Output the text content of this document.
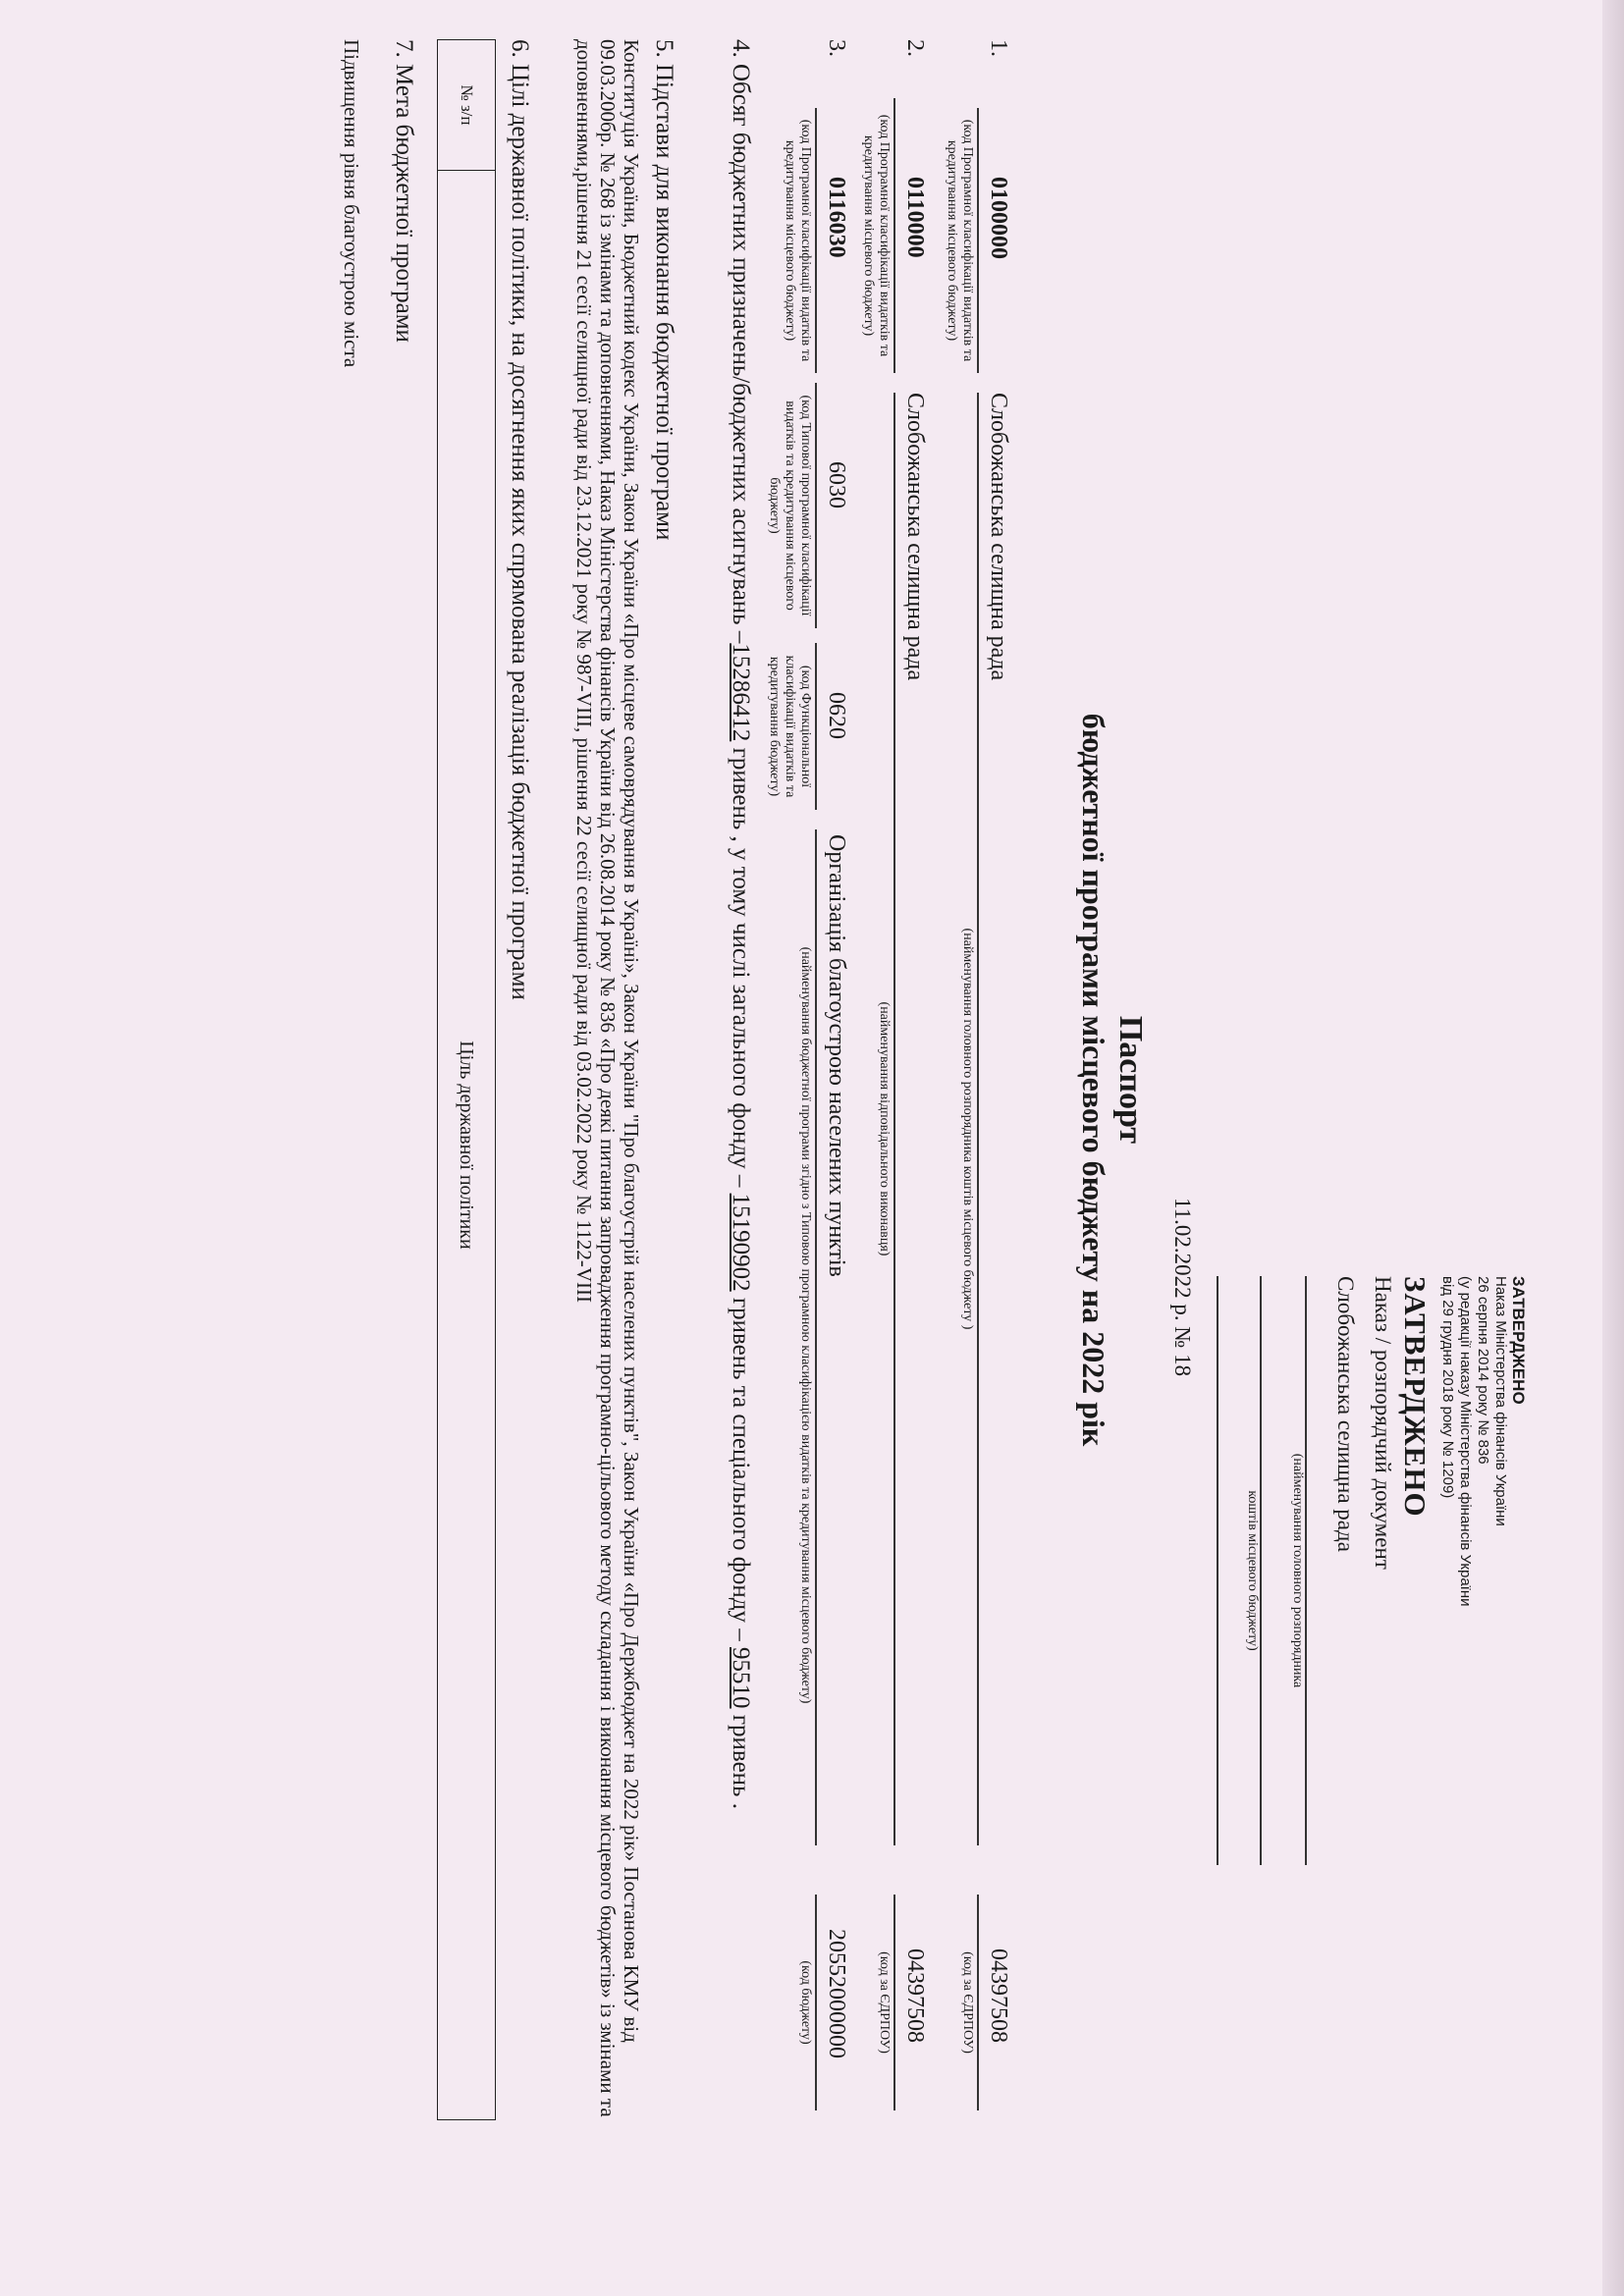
ЗАТВЕРДЖЕНО
Наказ Міністерства фінансів України
26 серпня 2014 року № 836
(у редакції наказу Міністерства фінансів України
від 29 грудня 2018 року № 1209)
ЗАТВЕРДЖЕНО
Наказ / розпорядчий документ
Слобожанська селищна рада
(найменування головного розпорядника
коштів місцевого бюджету)
11.02.2022 р. № 18
Паспорт
бюджетної програми місцевого бюджету на 2022 рік
1.
0100000
(код Програмної класифікації видатків та кредитування місцевого бюджету)
Слобожанська селищна рада
(найменування головного розпорядника коштів місцевого бюджету )
04397508
(код за ЄДРПОУ)
2.
0110000
(код Програмної класифікації видатків та кредитування місцевого бюджету)
Слобожанська селищна рада
(найменування відповідального виконавця)
04397508
(код за ЄДРПОУ)
3.
0116030
(код Програмної класифікації видатків та кредитування місцевого бюджету)
6030
(код Типової програмної класифікації видатків та кредитування місцевого бюджету)
0620
(код Функціональної класифікації видатків та кредитування бюджету)
Організація благоустрою населених пунктів
(найменування бюджетної програми згідно з Типовою програмною класифікацією видатків та кредитування місцевого бюджету)
20552000000
(код бюджету)
4. Обсяг бюджетних призначень/бюджетних асигнувань –15286412 гривень , у тому числі загального фонду – 15190902 гривень та спеціального фонду – 95510 гривень .
5. Підстави для виконання бюджетної програми
Конституція України, Бюджетний кодекс України, Закон України «Про місцеве самоврядування в Україні», Закон України "Про благоустрій населених пунктів", Закон України «Про Держбюджет на 2022 рік» Постанова КМУ від 09.03.200бр. № 268 із змінами та доповненнями, Наказ Міністерства фінансів України від 26.08.2014 року № 836 «Про деякі питання запровадження програмно-цільового методу складання і виконання місцевого бюджетів» із змінами та доповненнями,рішення 21 сесії селищної ради від 23.12.2021 року № 987-VІІІ, рішення 22 сесії селищної ради від 03.02.2022 року № 1122-VІІІ
6. Цілі державної політики, на досягнення яких спрямована реалізація бюджетної програми
№ з/п	Ціль державної політики
7. Мета бюджетної програми
Підвищення рівня благоустрою міста
